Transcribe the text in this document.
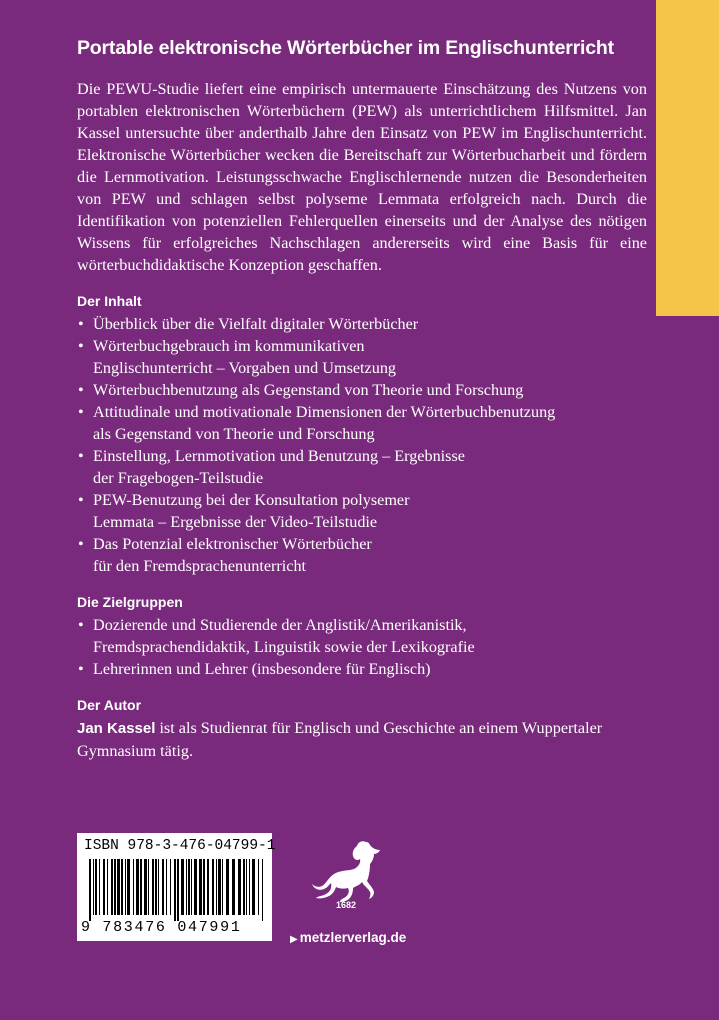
Portable elektronische Wörterbücher im Englischunterricht

Die PEWU-Studie liefert eine empirisch untermauerte Einschätzung des Nutzens von portablen elektronischen Wörterbüchern (PEW) als unterrichtlichem Hilfsmittel. Jan Kassel untersuchte über anderthalb Jahre den Einsatz von PEW im Englischunterricht. Elektronische Wörterbücher wecken die Bereitschaft zur Wörterbucharbeit und fördern die Lernmotivation. Leistungsschwache Englischlernende nutzen die Besonderheiten von PEW und schlagen selbst polyseme Lemmata erfolgreich nach. Durch die Identifikation von potenziellen Fehlerquellen einerseits und der Analyse des nötigen Wissens für erfolgreiches Nachschlagen andererseits wird eine Basis für eine wörterbuchdidaktische Konzeption geschaffen.

Der Inhalt
• Überblick über die Vielfalt digitaler Wörterbücher
• Wörterbuchgebrauch im kommunikativen
Englischunterricht – Vorgaben und Umsetzung
• Wörterbuchbenutzung als Gegenstand von Theorie und Forschung
• Attitudinale und motivationale Dimensionen der Wörterbuchbenutzung
als Gegenstand von Theorie und Forschung
• Einstellung, Lernmotivation und Benutzung – Ergebnisse
der Fragebogen-Teilstudie
• PEW-Benutzung bei der Konsultation polysemer
Lemmata – Ergebnisse der Video-Teilstudie
• Das Potenzial elektronischer Wörterbücher
für den Fremdsprachenunterricht
Die Zielgruppen
• Dozierende und Studierende der Anglistik/Amerikanistik,
Fremdsprachendidaktik, Linguistik sowie der Lexikografie
• Lehrerinnen und Lehrer (insbesondere für Englisch)
Der Autor

Jan Kassel ist als Studienrat für Englisch und Geschichte an einem Wuppertaler Gymnasium tätig.

ISBN 978-3-476-04799-1
9 783476 047991
1682
▶ metzlerverlag.de
